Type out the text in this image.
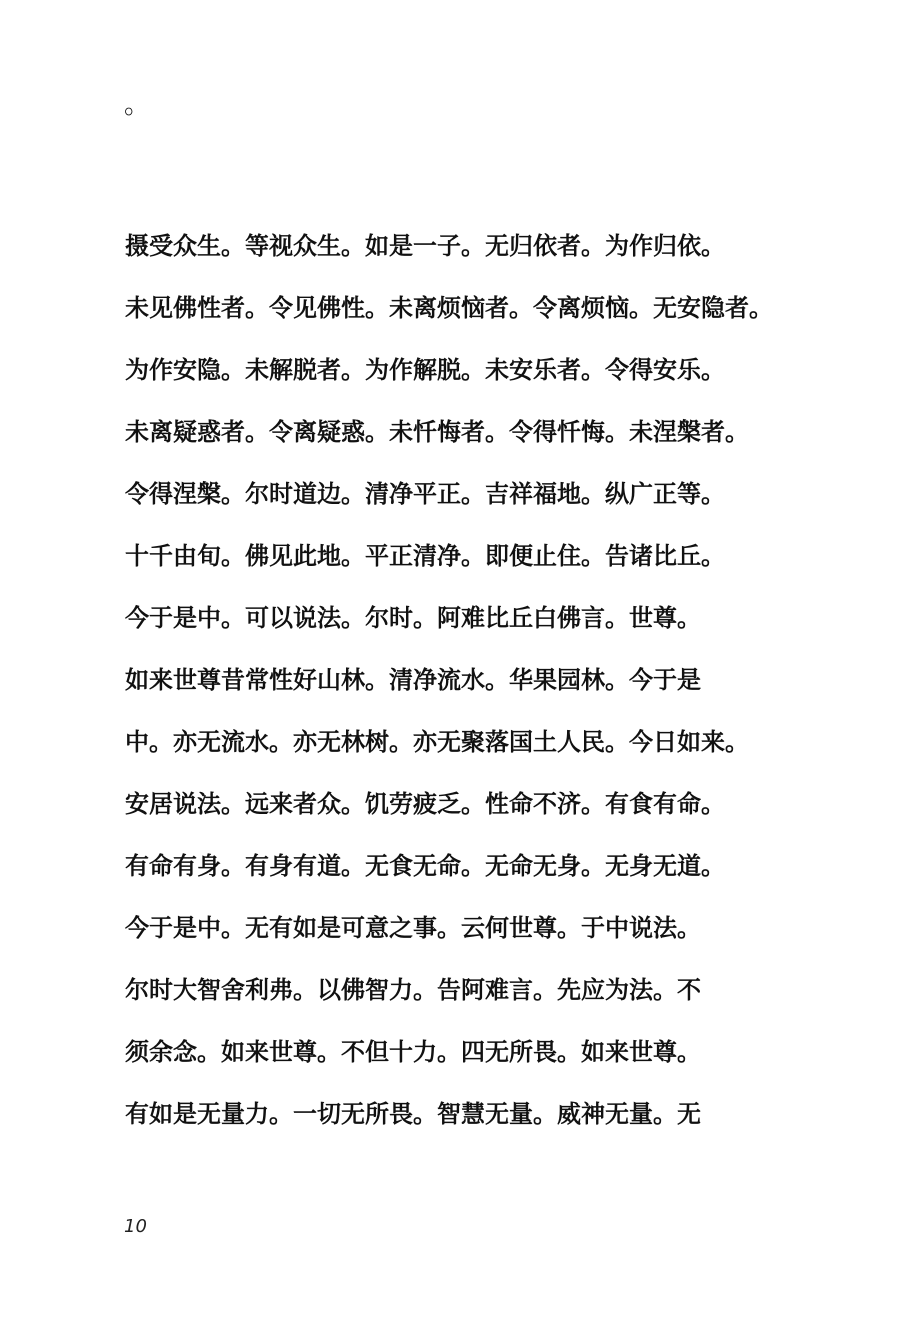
。
摄受众生。等视众生。如是一子。无归依者。为作归依。
未见佛性者。令见佛性。未离烦恼者。令离烦恼。无安隐者。
为作安隐。未解脱者。为作解脱。未安乐者。令得安乐。
未离疑惑者。令离疑惑。未忏悔者。令得忏悔。未涅槃者。
令得涅槃。尔时道边。清净平正。吉祥福地。纵广正等。
十千由旬。佛见此地。平正清净。即便止住。告诸比丘。
今于是中。可以说法。尔时。阿难比丘白佛言。世尊。
如来世尊昔常性好山林。清净流水。华果园林。今于是
中。亦无流水。亦无林树。亦无聚落国土人民。今日如来。
安居说法。远来者众。饥劳疲乏。性命不济。有食有命。
有命有身。有身有道。无食无命。无命无身。无身无道。
今于是中。无有如是可意之事。云何世尊。于中说法。
尔时大智舍利弗。以佛智力。告阿难言。先应为法。不
须余念。如来世尊。不但十力。四无所畏。如来世尊。
有如是无量力。一切无所畏。智慧无量。威神无量。无
10
